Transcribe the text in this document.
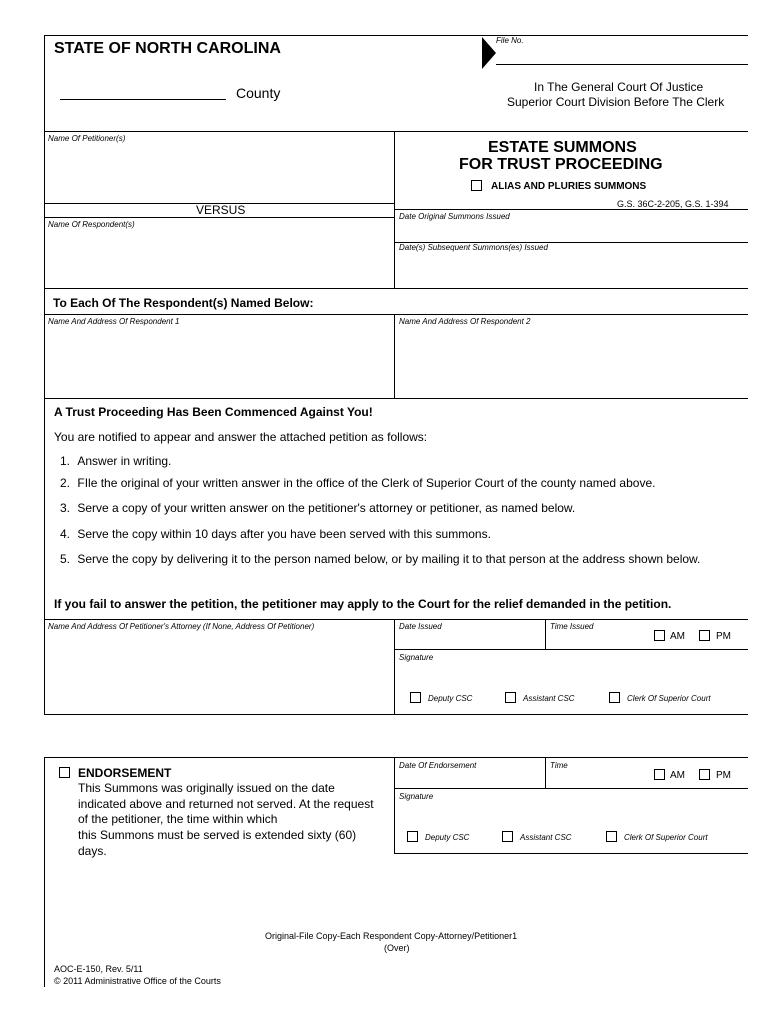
STATE OF NORTH CAROLINA
County
File No.
In The General Court Of Justice
Superior Court Division Before The Clerk
Name Of Petitioner(s)
VERSUS
Name Of Respondent(s)
ESTATE SUMMONS
FOR TRUST PROCEEDING
ALIAS AND PLURIES SUMMONS
G.S. 36C-2-205, G.S. 1-394
Date Original Summons Issued
Date(s) Subsequent Summons(es) Issued
To Each Of The Respondent(s) Named Below:
Name And Address Of Respondent 1	Name And Address Of Respondent 2
A Trust Proceeding Has Been Commenced Against You!
You are notified to appear and answer the attached petition as follows:
1. Answer in writing.
2. FIle the original of your written answer in the office of the Clerk of Superior Court of the county named above.
3. Serve a copy of your written answer on the petitioner's attorney or petitioner, as named below.
4. Serve the copy within 10 days after you have been served with this summons.
5. Serve the copy by delivering it to the person named below, or by mailing it to that person at the address shown below.
If you fail to answer the petition, the petitioner may apply to the Court for the relief demanded in the petition.
Name And Address Of Petitioner's Attorney (If None, Address Of Petitioner)	Date Issued	Time Issued
AM	PM
Signature
Deputy CSC	Assistant CSC	Clerk Of Superior Court
ENDORSEMENT
This Summons was originally issued on the date
indicated above and returned not served. At the request
of the petitioner, the time within which
this Summons must be served is extended sixty (60)
days.
Date Of Endorsement	Time
AM	PM
Signature
Deputy CSC	Assistant CSC	Clerk Of Superior Court
Original-File Copy-Each Respondent Copy-Attorney/Petitioner1
(Over)
AOC-E-150, Rev. 5/11
© 2011 Administrative Office of the Courts
